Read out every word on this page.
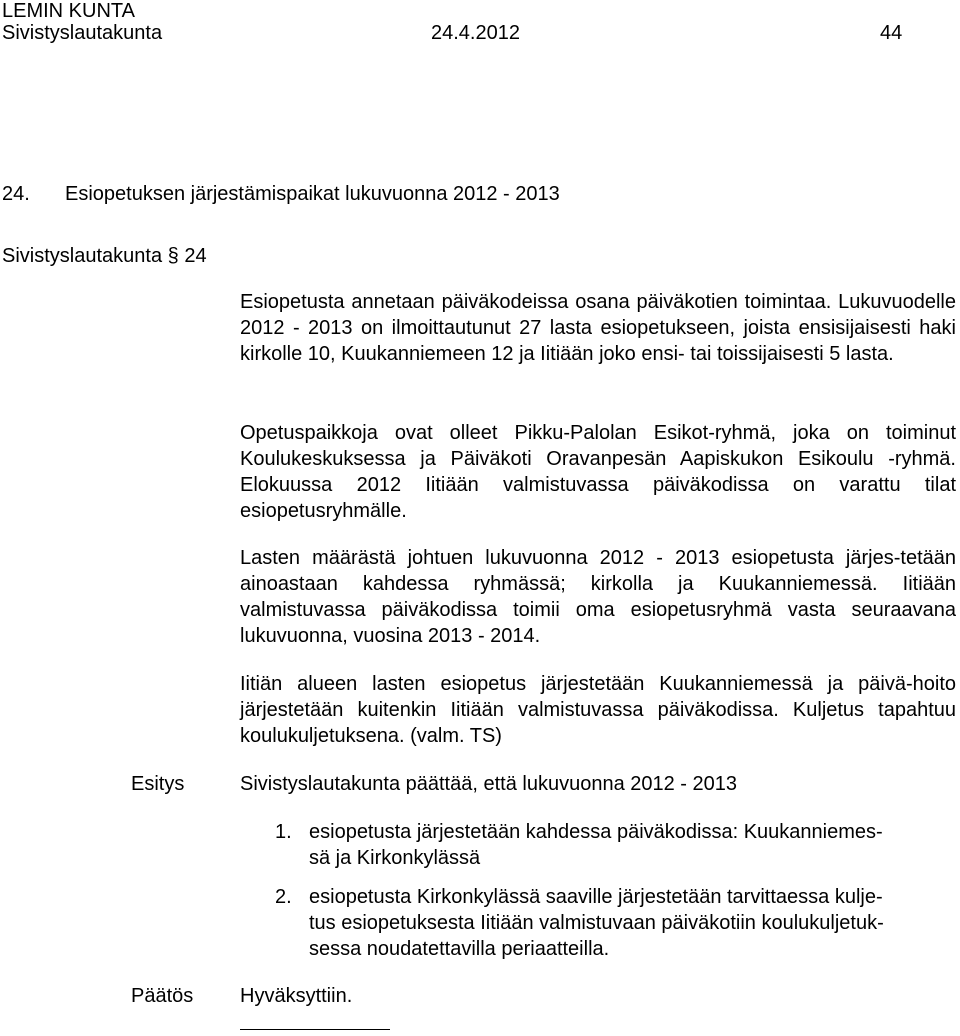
LEMIN KUNTA
Sivistyslautakunta	24.4.2012	44
24. Esiopetuksen järjestämispaikat lukuvuonna 2012 - 2013
Sivistyslautakunta § 24

Esiopetusta annetaan päiväkodeissa osana päiväkotien toimintaa. Lukuvuodelle 2012 - 2013 on ilmoittautunut 27 lasta esiopetukseen, joista ensisijaisesti haki kirkolle 10, Kuukanniemeen 12 ja Iitiään joko ensi- tai toissijaisesti 5 lasta.

Opetuspaikkoja ovat olleet Pikku-Palolan Esikot-ryhmä, joka on toiminut Koulukeskuksessa ja Päiväkoti Oravanpesän Aapiskukon Esikoulu -ryhmä. Elokuussa 2012 Iitiään valmistuvassa päiväkodissa on varattu tilat esiopetusryhmälle.

Lasten määrästä johtuen lukuvuonna 2012 - 2013 esiopetusta järjes-tetään ainoastaan kahdessa ryhmässä; kirkolla ja Kuukanniemessä. Iitiään valmistuvassa päiväkodissa toimii oma esiopetusryhmä vasta seuraavana lukuvuonna, vuosina 2013 - 2014.

Iitiän alueen lasten esiopetus järjestetään Kuukanniemessä ja päivä-hoito järjestetään kuitenkin Iitiään valmistuvassa päiväkodissa. Kuljetus tapahtuu koulukuljetuksena. (valm. TS)

Esitys	Sivistyslautakunta päättää, että lukuvuonna 2012 - 2013
1. esiopetusta järjestetään kahdessa päiväkodissa: Kuukanniemes-
sä ja Kirkonkylässä
2. esiopetusta Kirkonkylässä saaville järjestetään tarvittaessa kulje-
tus esiopetuksesta Iitiään valmistuvaan päiväkotiin koulukuljetuk-
sessa noudatettavilla periaatteilla.
Päätös Hyväksyttiin.
